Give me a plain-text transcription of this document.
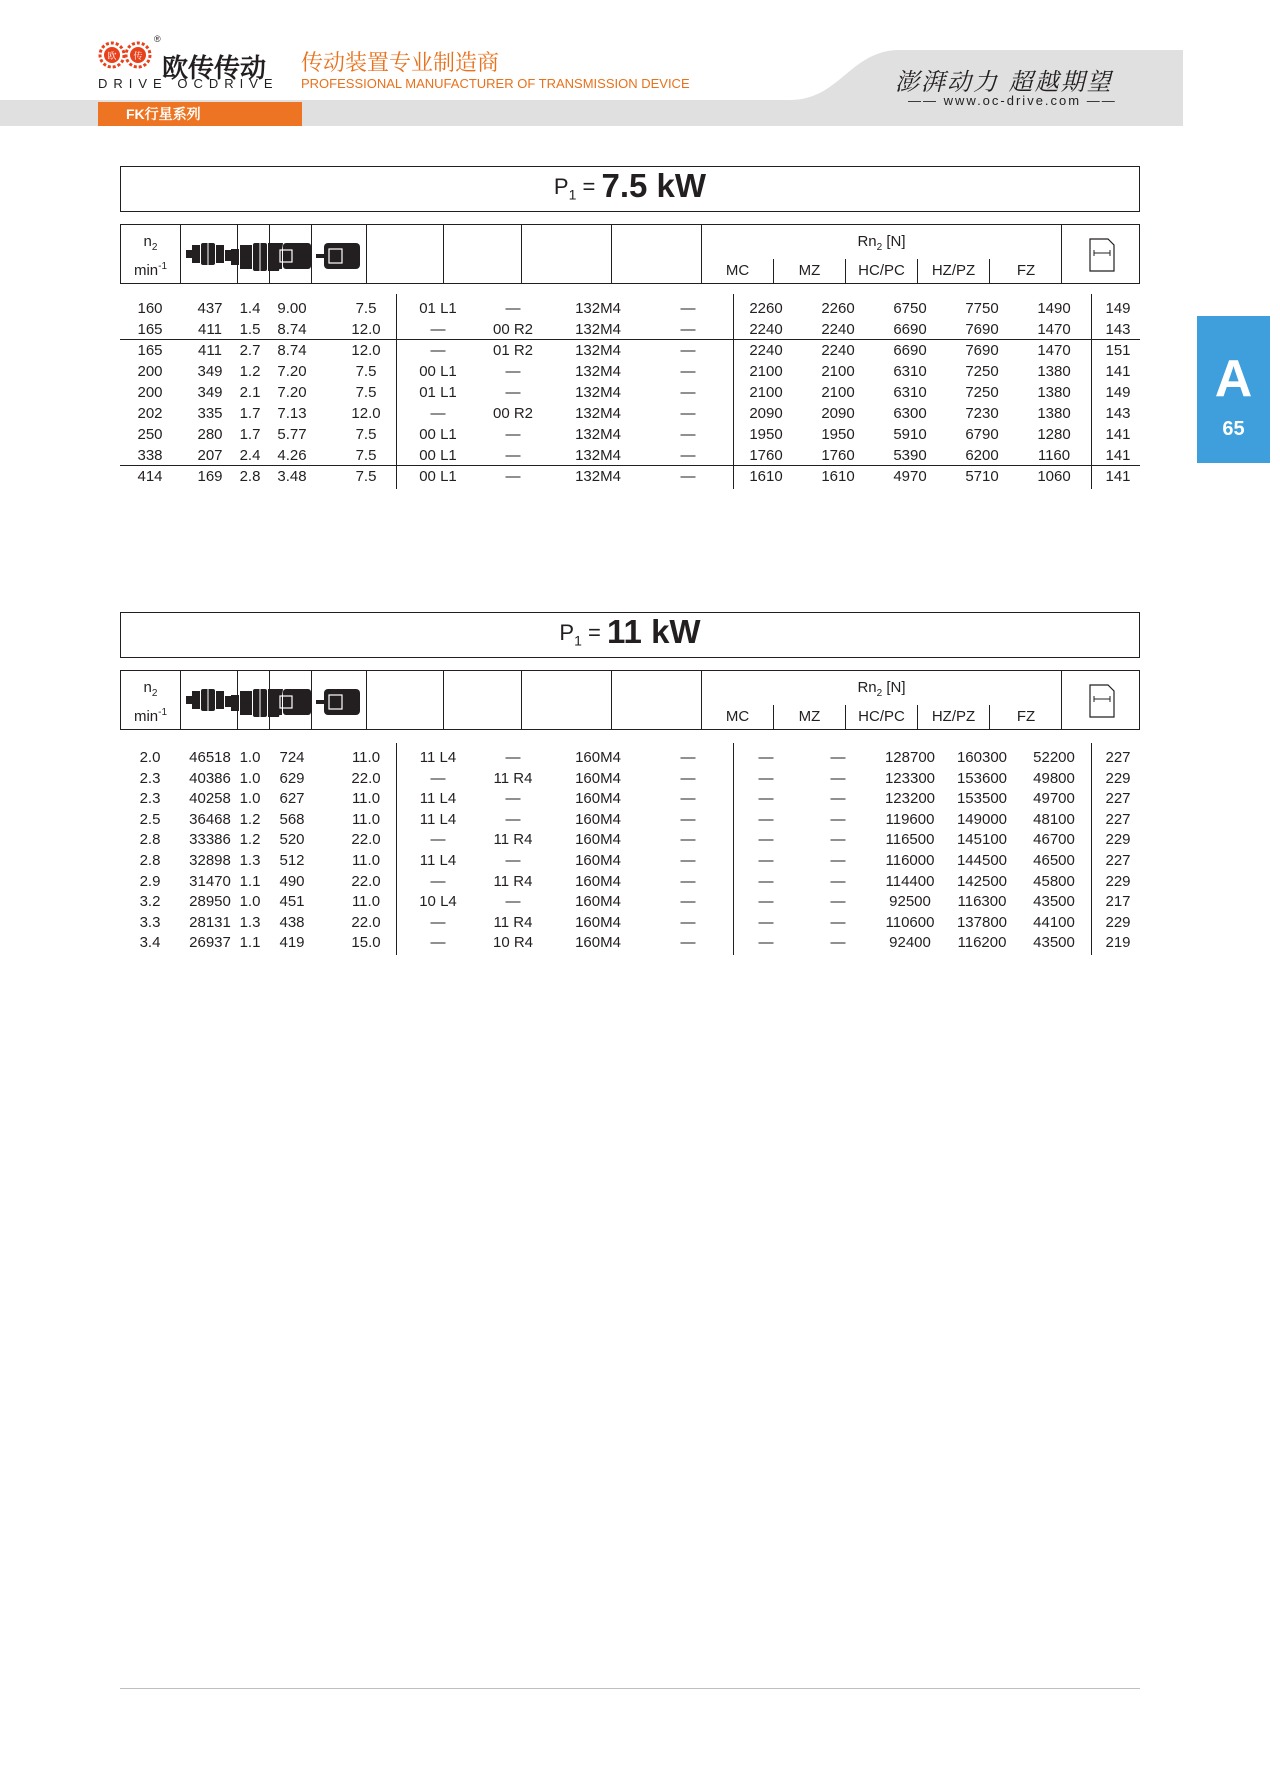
欧 传
®
欧传传动
DRIVE OCDRIVE
传动装置专业制造商
PROFESSIONAL MANUFACTURER OF TRANSMISSION DEVICE	澎湃动力 超越期望
—— www.oc-drive.com ——
FK行星系列
A
65
$P_1 = 7.5$ kW
$n_2$
$\min^{-1}$
$Rn_2$ [N]
MC	MZ	HC/PC	HZ/PZ	FZ
160	437	1.4	9.00	7.5	01 L1	—	132M4	—	2260	2260	6750	7750	1490	149
165	411	1.5	8.74	12.0	—	00 R2	132M4	—	2240	2240	6690	7690	1470	143
165	411	2.7	8.74	12.0	—	01 R2	132M4	—	2240	2240	6690	7690	1470	151
200	349	1.2	7.20	7.5	00 L1	—	132M4	—	2100	2100	6310	7250	1380	141
200	349	2.1	7.20	7.5	01 L1	—	132M4	—	2100	2100	6310	7250	1380	149
202	335	1.7	7.13	12.0	—	00 R2	132M4	—	2090	2090	6300	7230	1380	143
250	280	1.7	5.77	7.5	00 L1	—	132M4	—	1950	1950	5910	6790	1280	141
338	207	2.4	4.26	7.5	00 L1	—	132M4	—	1760	1760	5390	6200	1160	141
414	169	2.8	3.48	7.5	00 L1	—	132M4	—	1610	1610	4970	5710	1060	141
$P_1 = 11$ kW
$n_2$
$\min^{-1}$
$Rn_2$ [N]
MC	MZ	HC/PC	HZ/PZ	FZ
2.0	46518 1.0	724	11.0	11 L4	—	160M4	—	—	—	128700	160300	52200	227
2.3	40386 1.0	629	22.0	—	11 R4	160M4	—	—	—	123300	153600	49800	229
2.3	40258 1.0	627	11.0	11 L4	—	160M4	—	—	—	123200	153500	49700	227
2.5	36468 1.2	568	11.0	11 L4	—	160M4	—	—	—	119600	149000	48100	227
2.8	33386 1.2	520	22.0	—	11 R4	160M4	—	—	—	116500	145100	46700	229
2.8	32898 1.3	512	11.0	11 L4	—	160M4	—	—	—	116000	144500	46500	227
2.9	31470 1.1	490	22.0	—	11 R4	160M4	—	—	—	114400	142500	45800	229
3.2	28950 1.0	451	11.0	10 L4	—	160M4	—	—	—	92500	116300	43500	217
3.3	28131 1.3	438	22.0	—	11 R4	160M4	—	—	—	110600	137800	44100	229
3.4	26937 1.1	419	15.0	—	10 R4	160M4	—	—	—	92400	116200	43500	219
